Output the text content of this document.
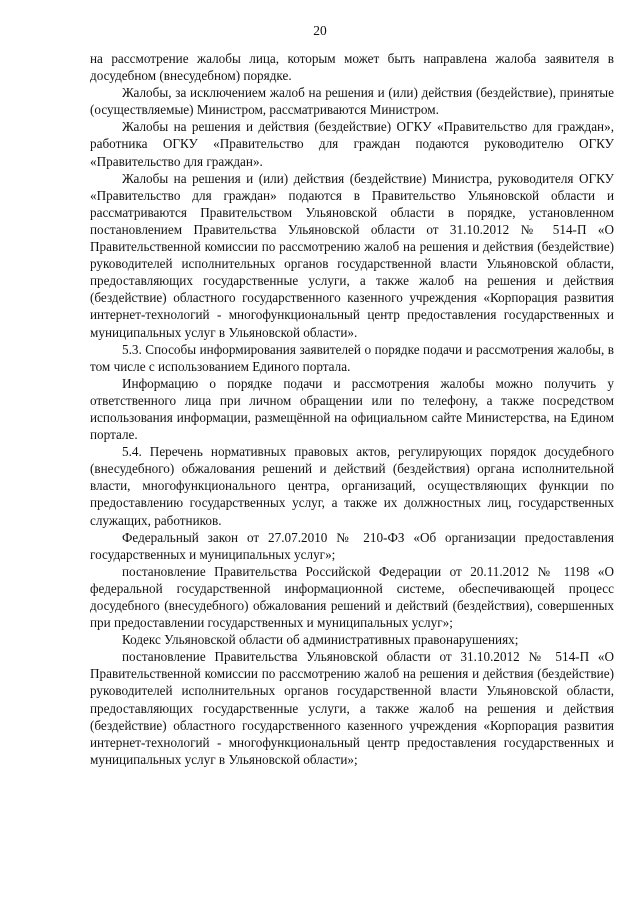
20

на рассмотрение жалобы лица, которым может быть направлена жалоба заявителя в досудебном (внесудебном) порядке.

Жалобы, за исключением жалоб на решения и (или) действия (бездействие), принятые (осуществляемые) Министром, рассматриваются Министром.

Жалобы на решения и действия (бездействие) ОГКУ «Правительство для граждан», работника ОГКУ «Правительство для граждан подаются руководителю ОГКУ «Правительство для граждан».

Жалобы на решения и (или) действия (бездействие) Министра, руководителя ОГКУ «Правительство для граждан» подаются в Правительство Ульяновской области и рассматриваются Правительством Ульяновской области в порядке, установленном постановлением Правительства Ульяновской области от 31.10.2012 № 514-П «О Правительственной комиссии по рассмотрению жалоб на решения и действия (бездействие) руководителей исполнительных органов государственной власти Ульяновской области, предоставляющих государственные услуги, а также жалоб на решения и действия (бездействие) областного государственного казенного учреждения «Корпорация развития интернет-технологий - многофункциональный центр предоставления государственных и муниципальных услуг в Ульяновской области».

5.3. Способы информирования заявителей о порядке подачи и рассмотрения жалобы, в том числе с использованием Единого портала.

Информацию о порядке подачи и рассмотрения жалобы можно получить у ответственного лица при личном обращении или по телефону, а также посредством использования информации, размещённой на официальном сайте Министерства, на Едином портале.

5.4. Перечень нормативных правовых актов, регулирующих порядок досудебного (внесудебного) обжалования решений и действий (бездействия) органа исполнительной власти, многофункционального центра, организаций, осуществляющих функции по предоставлению государственных услуг, а также их должностных лиц, государственных служащих, работников.

Федеральный закон от 27.07.2010 № 210-ФЗ «Об организации предоставления государственных и муниципальных услуг»;

постановление Правительства Российской Федерации от 20.11.2012 № 1198 «О федеральной государственной информационной системе, обеспечивающей процесс досудебного (внесудебного) обжалования решений и действий (бездействия), совершенных при предоставлении государственных и муниципальных услуг»;

Кодекс Ульяновской области об административных правонарушениях;

постановление Правительства Ульяновской области от 31.10.2012 № 514-П «О Правительственной комиссии по рассмотрению жалоб на решения и действия (бездействие) руководителей исполнительных органов государственной власти Ульяновской области, предоставляющих государственные услуги, а также жалоб на решения и действия (бездействие) областного государственного казенного учреждения «Корпорация развития интернет-технологий - многофункциональный центр предоставления государственных и муниципальных услуг в Ульяновской области»;
